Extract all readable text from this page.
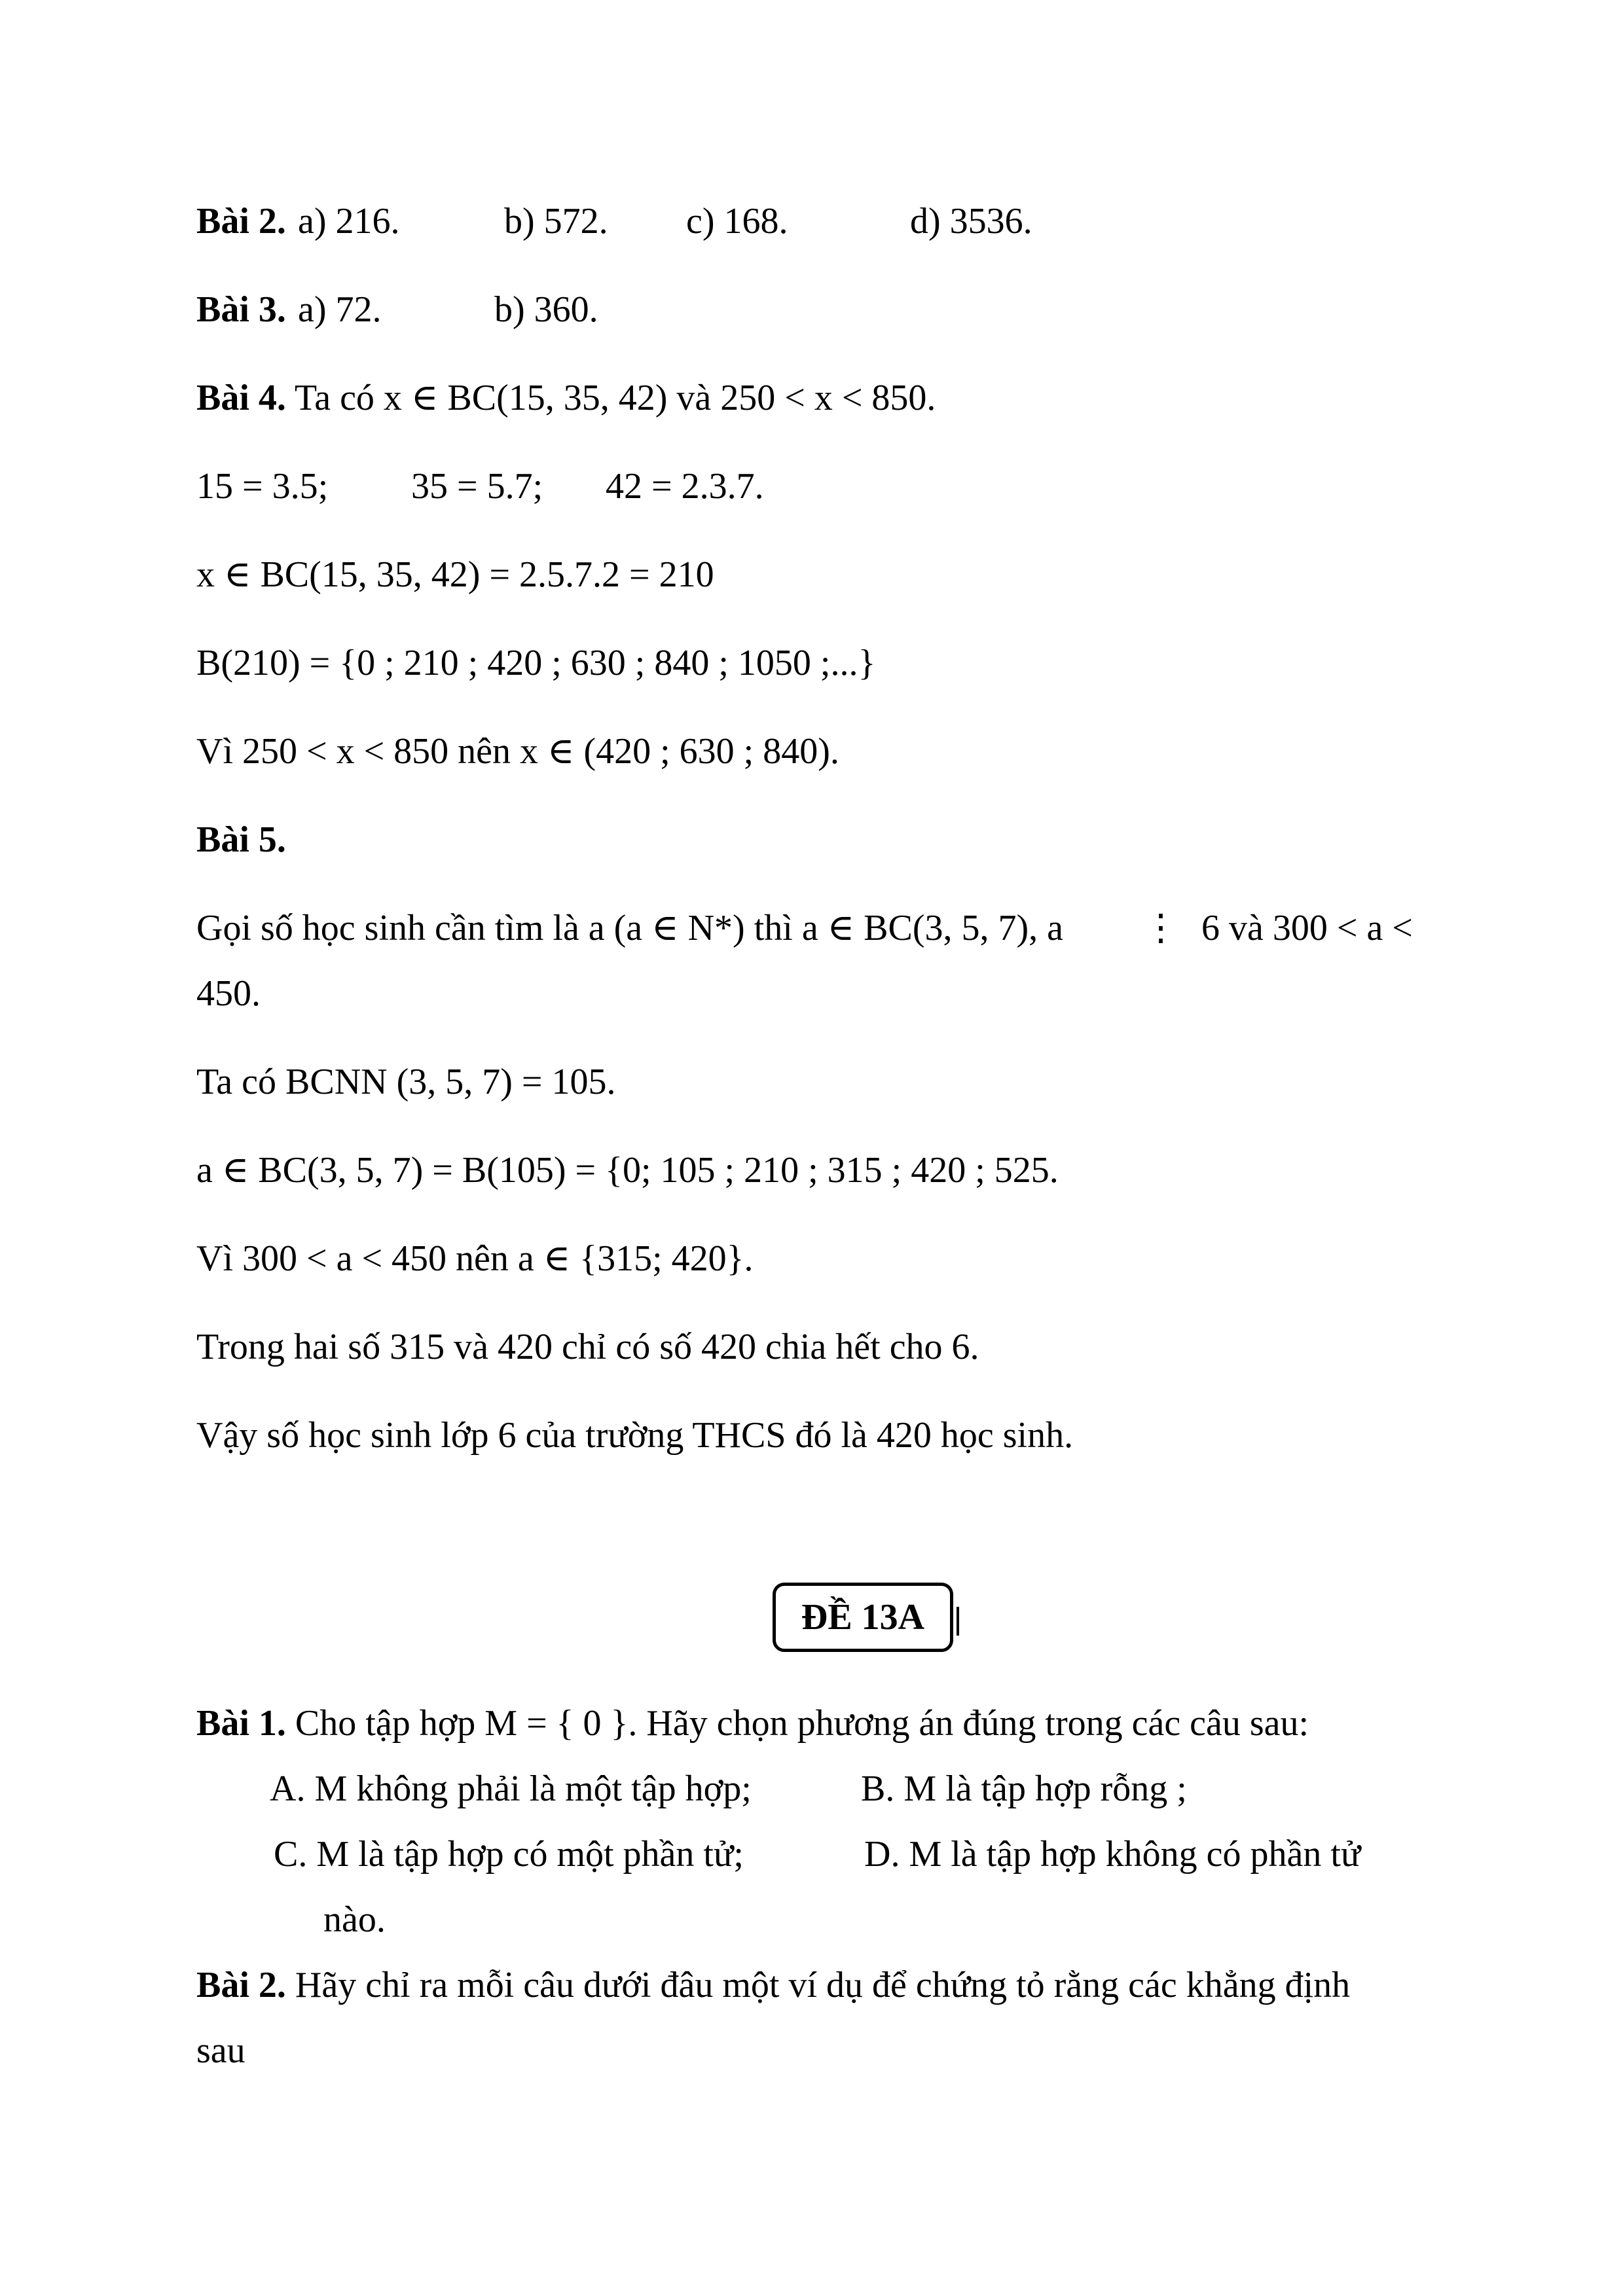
Bài 2. a) 216.	b) 572. c) 168.	d) 3536.
Bài 3. a) 72.	b) 360.
Bài 4. Ta có x ∈ BC(15, 35, 42) và 250 < x < 850.
15 = 3.5; 35 = 5.7; 42 = 2.3.7.
x ∈ BC(15, 35, 42) = 2.5.7.2 = 210
B(210) = {0 ; 210 ; 420 ; 630 ; 840 ; 1050 ;...}
Vì 250 < x < 850 nên x ∈ (420 ; 630 ; 840).
Bài 5.
Gọi số học sinh cần tìm là a (a ∈ N*) thì a ∈ BC(3, 5, 7), a ⋮ 6 và 300 < a <
450.
Ta có BCNN (3, 5, 7) = 105.
a ∈ BC(3, 5, 7) = B(105) = {0; 105 ; 210 ; 315 ; 420 ; 525.
Vì 300 < a < 450 nên a ∈ {315; 420}.
Trong hai số 315 và 420 chỉ có số 420 chia hết cho 6.
Vậy số học sinh lớp 6 của trường THCS đó là 420 học sinh.
ĐỀ 13A
Bài 1. Cho tập hợp M = { 0 }. Hãy chọn phương án đúng trong các câu sau:
A. M không phải là một tập hợp;	B. M là tập hợp rỗng ;
C. M là tập hợp có một phần tử;	D. M là tập hợp không có phần tử
nào.
Bài 2. Hãy chỉ ra mỗi câu dưới đâu một ví dụ để chứng tỏ rằng các khẳng định
sau
